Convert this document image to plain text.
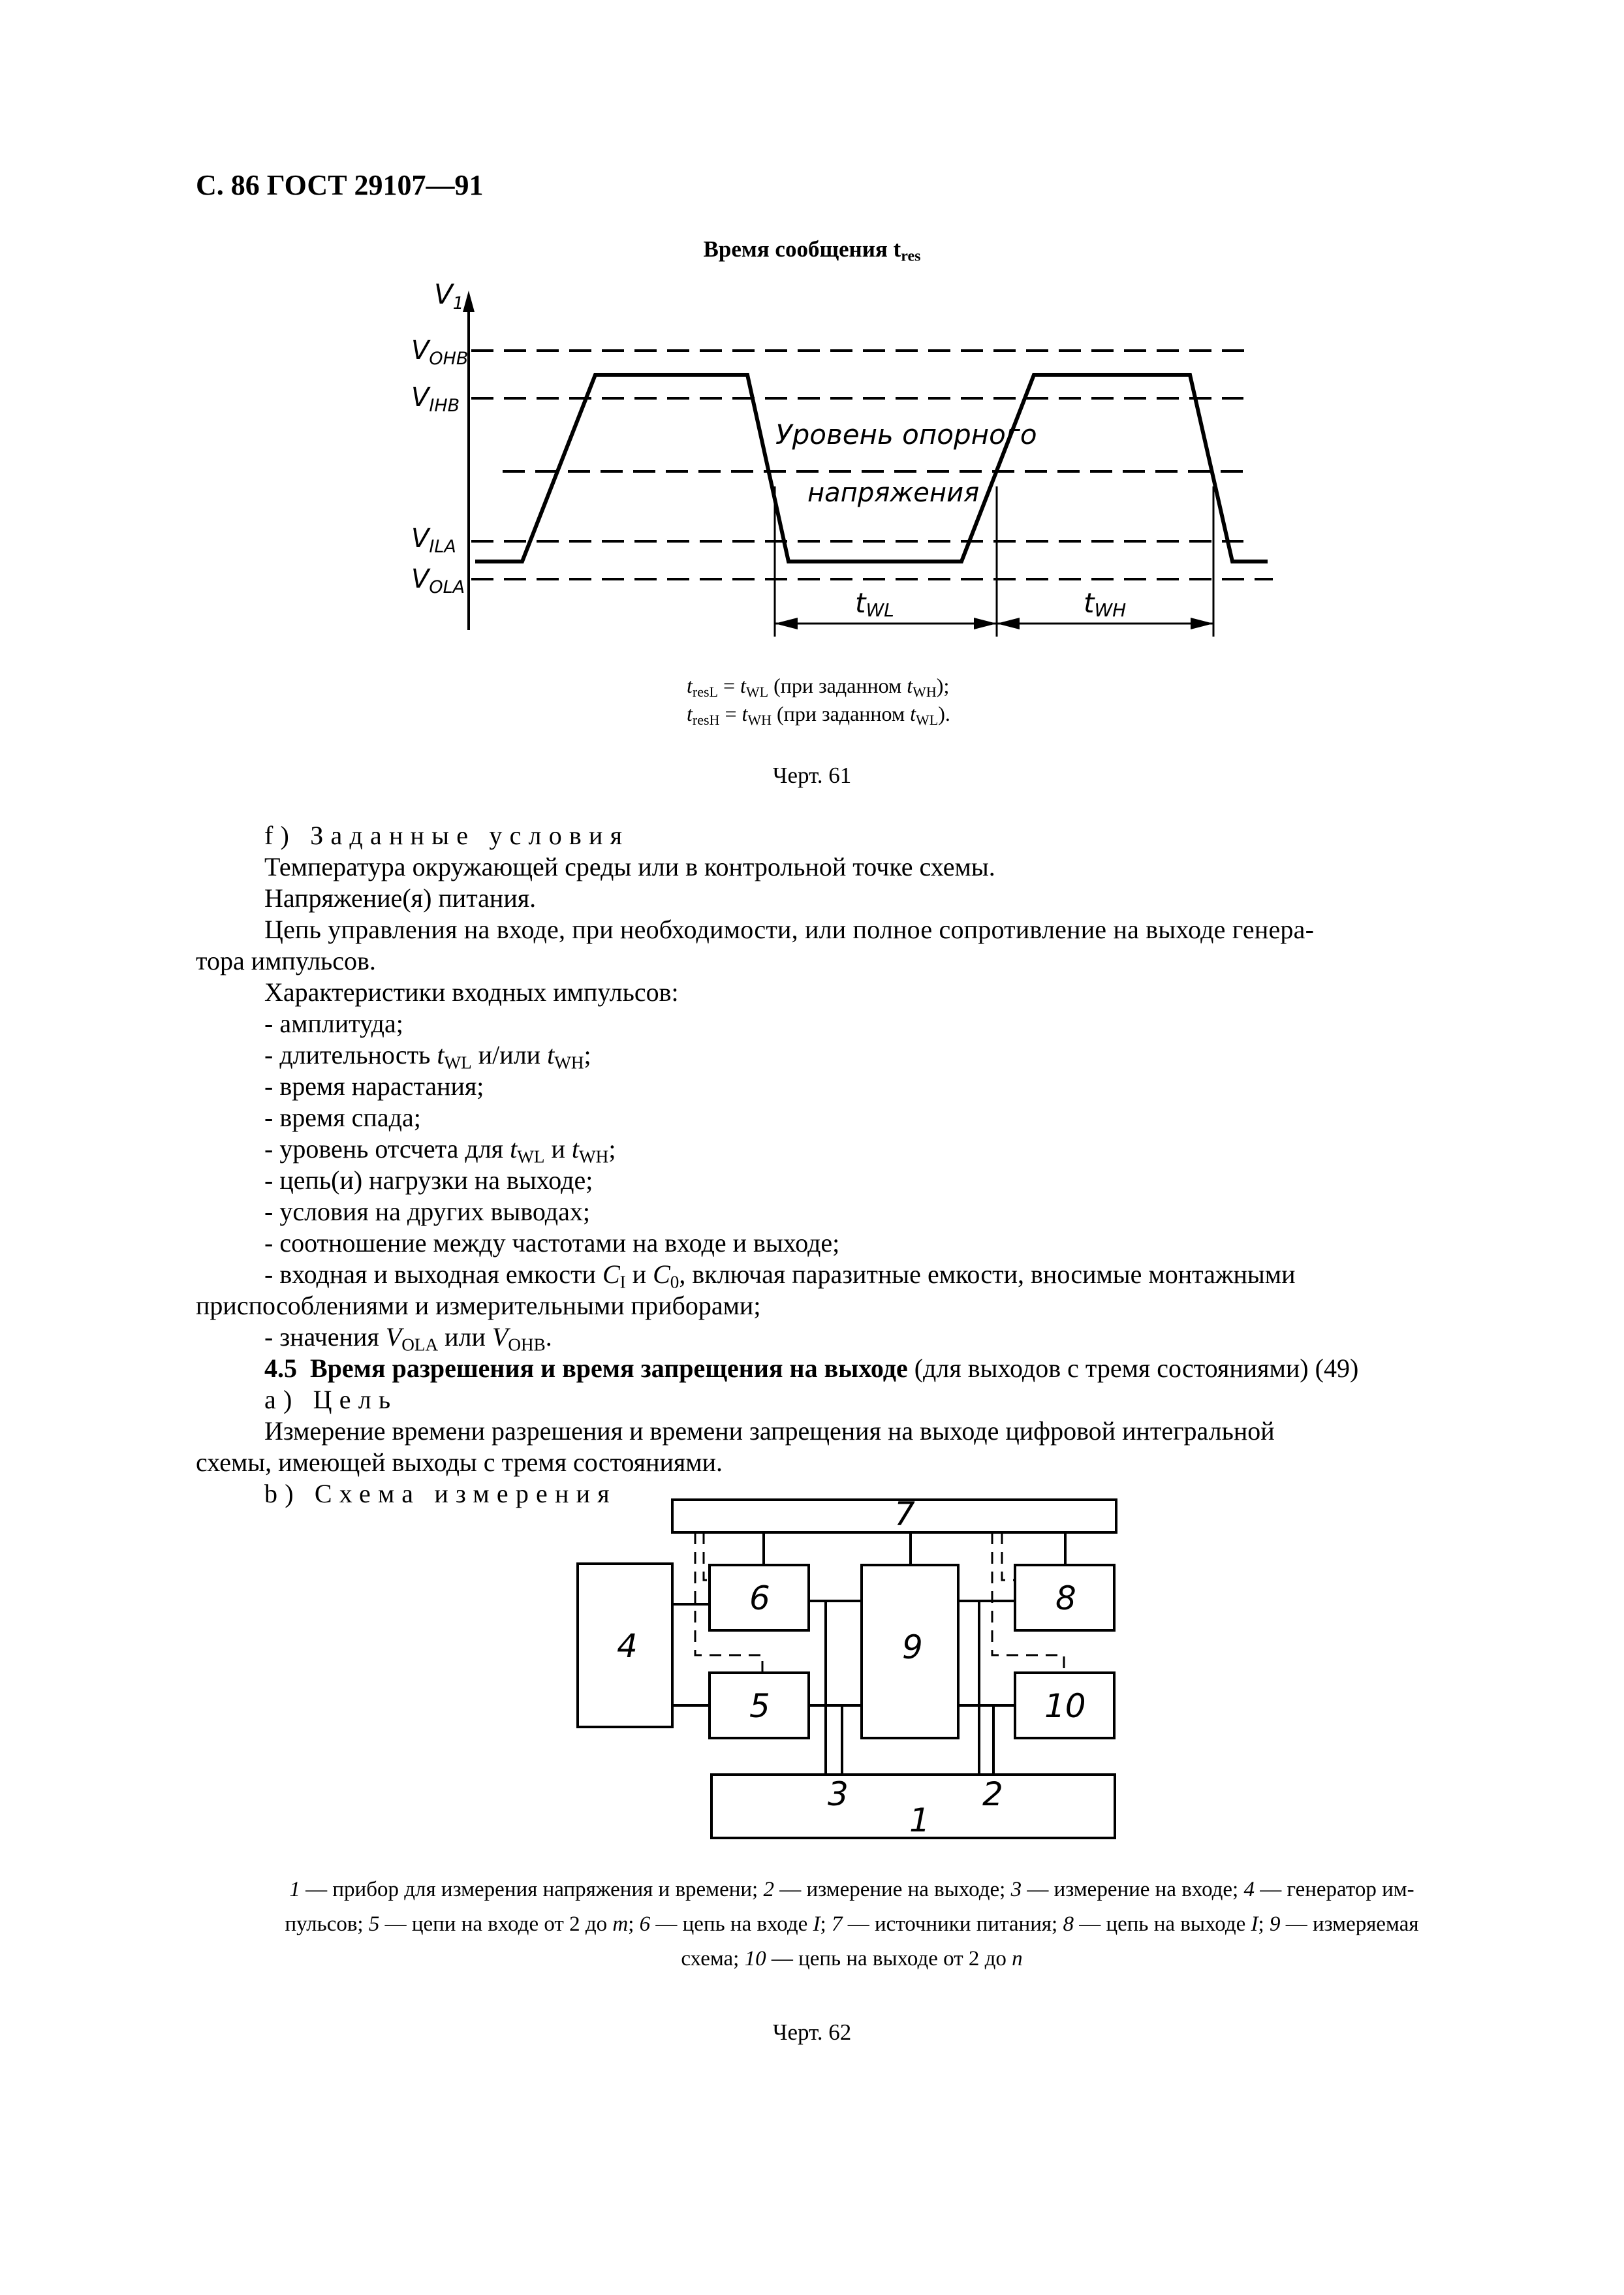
С. 86 ГОСТ 29107—91
Время сообщения $t_{res}$
V1
$V_{OHB}$
$V_{IHB}$
$V_{ILA}$
$V_{OLA}$
Уровень опорного
напряжения
tWL	tWH
$t_{resL} = t_{WL}$ (при заданном $t_{WH}$);
$t_{resH} = t_{WH}$ (при заданном $t_{WL}$).
Черт. 61
f) Заданные условия
Температура окружающей среды или в контрольной точке схемы.
Напряжение(я) питания.
Цепь управления на входе, при необходимости, или полное сопротивление на выходе генера-
тора импульсов.
Характеристики входных импульсов:
- амплитуда;
- длительность $t_{WL}$ и/или $t_{WH}$;
- время нарастания;
- время спада;
- уровень отсчета для $t_{WL}$ и $t_{WH}$;
- цепь(и) нагрузки на выходе;
- условия на других выводах;
- соотношение между частотами на входе и выходе;
- входная и выходная емкости $C_I$ и $C_0$, включая паразитные емкости, вносимые монтажными
приспособлениями и измерительными приборами;
- значения $V_{OLA}$ или $V_{OHB}$.
4.5 Время разрешения и время запрещения на выходе (для выходов с тремя состояниями) (49)
a) Цель
Измерение времени разрешения и времени запрещения на выходе цифровой интегральной
схемы, имеющей выходы с тремя состояниями.
b) Схема измерения
7
4
6
5
9
8
10
3	2
1
1 — прибор для измерения напряжения и времени; 2 — измерение на выходе; 3 — измерение на входе; 4 — генератор им-
пульсов; 5 — цепи на входе от 2 до m; 6 — цепь на входе I; 7 — источники питания; 8 — цепь на выходе I; 9 — измеряемая
схема; 10 — цепь на выходе от 2 до n
Черт. 62
